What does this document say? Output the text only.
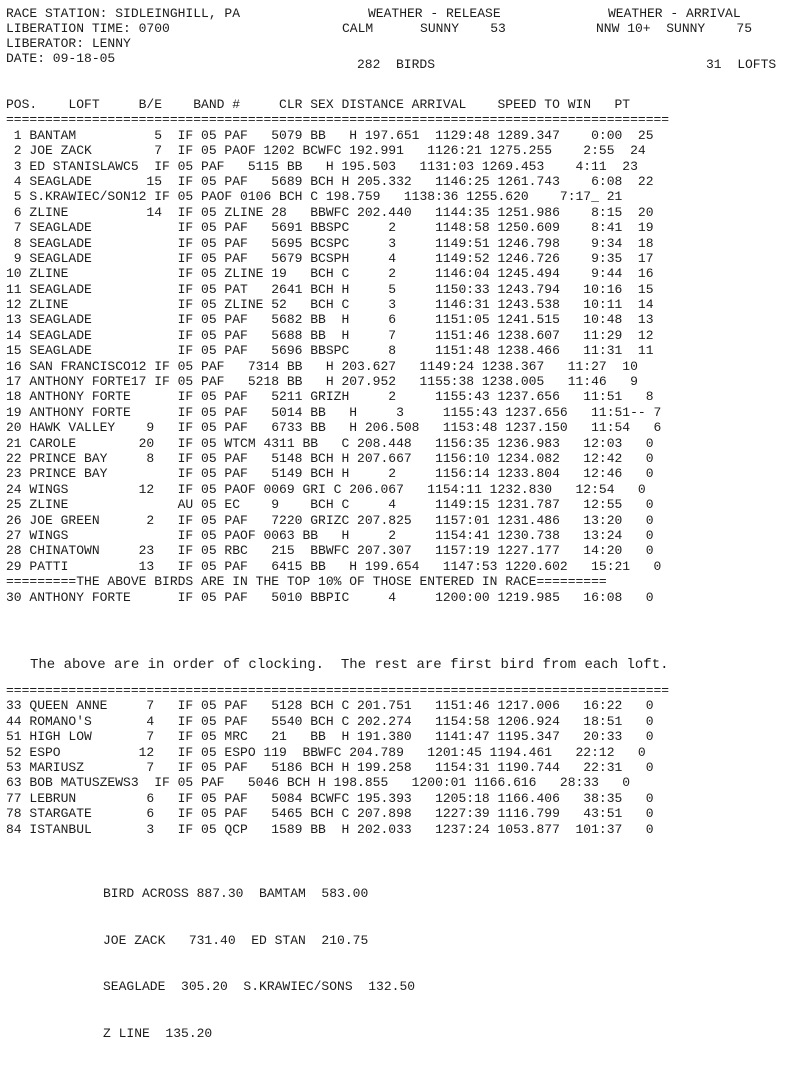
RACE STATION: SIDLEINGHILL, PA
LIBERATION TIME: 0700
LIBERATOR: LENNY
DATE: 09-18-05
WEATHER - RELEASE
CALM      SUNNY    53
WEATHER - ARRIVAL
NNW 10+  SUNNY    75
282  BIRDS	31  LOFTS
POS.    LOFT     B/E    BAND #     CLR SEX DISTANCE ARRIVAL    SPEED TO WIN   PT
=====================================================================================
1 BANTAM          5  IF 05 PAF   5079 BB   H 197.651  1129:48 1289.347    0:00  25
2 JOE ZACK        7  IF 05 PAOF 1202 BCWFC 192.991   1126:21 1275.255    2:55  24
3 ED STANISLAWC5  IF 05 PAF   5115 BB   H 195.503   1131:03 1269.453    4:11  23
4 SEAGLADE       15  IF 05 PAF   5689 BCH H 205.332   1146:25 1261.743    6:08  22
5 S.KRAWIEC/SON12 IF 05 PAOF 0106 BCH C 198.759   1138:36 1255.620    7:17_ 21
6 ZLINE          14  IF 05 ZLINE 28   BBWFC 202.440   1144:35 1251.986    8:15  20
7 SEAGLADE           IF 05 PAF   5691 BBSPC     2     1148:58 1250.609    8:41  19
8 SEAGLADE           IF 05 PAF   5695 BCSPC     3     1149:51 1246.798    9:34  18
9 SEAGLADE           IF 05 PAF   5679 BCSPH     4     1149:52 1246.726    9:35  17
10 ZLINE              IF 05 ZLINE 19   BCH C     2     1146:04 1245.494    9:44  16
11 SEAGLADE           IF 05 PAT   2641 BCH H     5     1150:33 1243.794   10:16  15
12 ZLINE              IF 05 ZLINE 52   BCH C     3     1146:31 1243.538   10:11  14
13 SEAGLADE           IF 05 PAF   5682 BB  H     6     1151:05 1241.515   10:48  13
14 SEAGLADE           IF 05 PAF   5688 BB  H     7     1151:46 1238.607   11:29  12
15 SEAGLADE           IF 05 PAF   5696 BBSPC     8     1151:48 1238.466   11:31  11
16 SAN FRANCISCO12 IF 05 PAF   7314 BB   H 203.627   1149:24 1238.367   11:27  10
17 ANTHONY FORTE17 IF 05 PAF   5218 BB   H 207.952   1155:38 1238.005   11:46   9
18 ANTHONY FORTE      IF 05 PAF   5211 GRIZH     2     1155:43 1237.656   11:51   8
19 ANTHONY FORTE      IF 05 PAF   5014 BB   H     3     1155:43 1237.656   11:51-- 7
20 HAWK VALLEY    9   IF 05 PAF   6733 BB   H 206.508   1153:48 1237.150   11:54   6
21 CAROLE        20   IF 05 WTCM 4311 BB   C 208.448   1156:35 1236.983   12:03   0
22 PRINCE BAY     8   IF 05 PAF   5148 BCH H 207.667   1156:10 1234.082   12:42   0
23 PRINCE BAY         IF 05 PAF   5149 BCH H     2     1156:14 1233.804   12:46   0
24 WINGS         12   IF 05 PAOF 0069 GRI C 206.067   1154:11 1232.830   12:54   0
25 ZLINE              AU 05 EC    9    BCH C     4     1149:15 1231.787   12:55   0
26 JOE GREEN      2   IF 05 PAF   7220 GRIZC 207.825   1157:01 1231.486   13:20   0
27 WINGS              IF 05 PAOF 0063 BB   H     2     1154:41 1230.738   13:24   0
28 CHINATOWN     23   IF 05 RBC   215  BBWFC 207.307   1157:19 1227.177   14:20   0
29 PATTI         13   IF 05 PAF   6415 BB   H 199.654   1147:53 1220.602   15:21   0
=========THE ABOVE BIRDS ARE IN THE TOP 10% OF THOSE ENTERED IN RACE=========
30 ANTHONY FORTE      IF 05 PAF   5010 BBPIC     4     1200:00 1219.985   16:08   0
The above are in order of clocking.  The rest are first bird from each loft.
=====================================================================================
33 QUEEN ANNE     7   IF 05 PAF   5128 BCH C 201.751   1151:46 1217.006   16:22   0
44 ROMANO'S       4   IF 05 PAF   5540 BCH C 202.274   1154:58 1206.924   18:51   0
51 HIGH LOW       7   IF 05 MRC   21   BB  H 191.380   1141:47 1195.347   20:33   0
52 ESPO          12   IF 05 ESPO 119  BBWFC 204.789   1201:45 1194.461   22:12   0
53 MARIUSZ        7   IF 05 PAF   5186 BCH H 199.258   1154:31 1190.744   22:31   0
63 BOB MATUSZEWS3  IF 05 PAF   5046 BCH H 198.855   1200:01 1166.616   28:33   0
77 LEBRUN         6   IF 05 PAF   5084 BCWFC 195.393   1205:18 1166.406   38:35   0
78 STARGATE       6   IF 05 PAF   5465 BCH C 207.898   1227:39 1116.799   43:51   0
84 ISTANBUL       3   IF 05 QCP   1589 BB  H 202.033   1237:24 1053.877  101:37   0

BIRD ACROSS 887.30  BAMTAM  583.00

JOE ZACK   731.40  ED STAN  210.75

SEAGLADE  305.20  S.KRAWIEC/SONS  132.50

Z LINE  135.20
